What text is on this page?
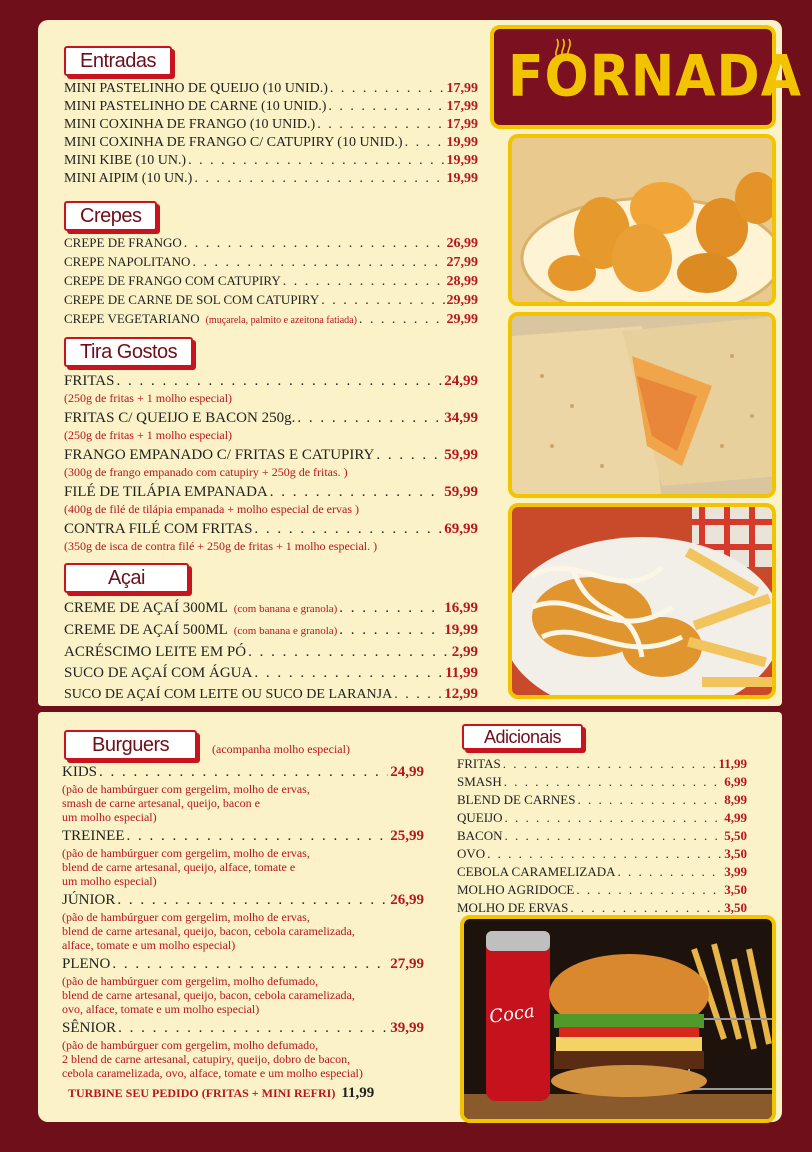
FORNADA
Entradas
MINI PASTELINHO DE QUEIJO (10 UNID.) . . .	17,99
MINI PASTELINHO DE CARNE (10 UNID.) . . .	17,99
MINI COXINHA DE FRANGO (10 UNID.) . . .	17,99
MINI COXINHA DE FRANGO C/ CATUPIRY (10 UNID.) . . .	19,99
MINI KIBE (10 UN.) . . .	19,99
MINI AIPIM (10 UN.) . . .	19,99
Crepes
CREPE DE FRANGO . . .	26,99
CREPE NAPOLITANO . . .	27,99
CREPE DE FRANGO COM CATUPIRY . . .	28,99
CREPE DE CARNE DE SOL COM CATUPIRY . . .	29,99
CREPE VEGETARIANO (muçarela, palmito e azeitona fatiada) . . .	29,99
Tira Gostos
FRITAS . . .	24,99
(250g de fritas + 1 molho especial)
FRITAS C/ QUEIJO E BACON 250g. . . .	34,99
(250g de fritas + 1 molho especial)
FRANGO EMPANADO C/ FRITAS E CATUPIRY . . .	59,99
(300g de frango empanado com catupiry + 250g de fritas. )
FILÉ DE TILÁPIA EMPANADA . . .	59,99
(400g de filé de tilápia empanada + molho especial de ervas )
CONTRA FILÉ COM FRITAS . . .	69,99
(350g de isca de contra filé + 250g de fritas + 1 molho especial. )
Açai
CREME DE AÇAÍ 300ML (com banana e granola) . . .	16,99
CREME DE AÇAÍ 500ML (com banana e granola) . . .	19,99
ACRÉSCIMO LEITE EM PÓ . . .	2,99
SUCO DE AÇAÍ COM ÁGUA . . .	11,99
SUCO DE AÇAÍ COM LEITE OU SUCO DE LARANJA . . .	12,99
Burguers	(acompanha molho especial)
KIDS . . .	24,99
(pão de hambúrguer com gergelim, molho de ervas,
smash de carne artesanal, queijo, bacon e
um molho especial)
TREINEE . . .	25,99
(pão de hambúrguer com gergelim, molho de ervas,
blend de carne artesanal, queijo, alface, tomate e
um molho especial)
JÚNIOR . . .	26,99
(pão de hambúrguer com gergelim, molho de ervas,
blend de carne artesanal, queijo, bacon, cebola caramelizada,
alface, tomate e um molho especial)
PLENO . . .	27,99
(pão de hambúrguer com gergelim, molho defumado,
blend de carne artesanal, queijo, bacon, cebola caramelizada,
ovo, alface, tomate e um molho especial)
SÊNIOR . . .	39,99
(pão de hambúrguer com gergelim, molho defumado,
2 blend de carne artesanal, catupiry, queijo, dobro de bacon,
cebola caramelizada, ovo, alface, tomate e um molho especial)
TURBINE SEU PEDIDO (FRITAS + MINI REFRI) 11,99
Adicionais
FRITAS . . .	11,99
SMASH . . .	6,99
BLEND DE CARNES . . .	8,99
QUEIJO . . .	4,99
BACON . . .	5,50
OVO . . .	3,50
CEBOLA CARAMELIZADA . . .	3,99
MOLHO AGRIDOCE . . .	3,50
MOLHO DE ERVAS . . .	3,50
Coca
